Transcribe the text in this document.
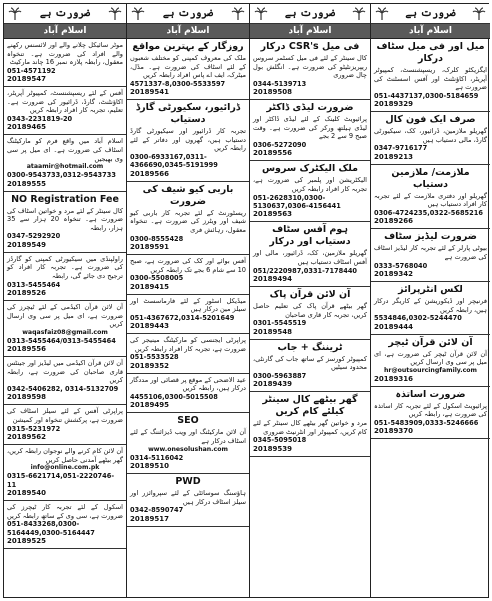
ضرورت ہے
اسلام آباد
موٹر سائیکل چلانے والے اور لائسنس رکھنے والے افراد کی ضرورت ہے۔ تنخواہ معقول، رابطہ پلازہ نمبر 16 چاند مارکیٹ
051-4571192
20189547
آفس کے لئے ریسپشنسٹ، کمپیوٹر آپریٹر، اکاؤنٹنٹ، گارڈ، ڈرائیور کی ضرورت ہے۔ تعلیم، تجربہ کار افراد رابطہ کریں
0343-2231819-20
20189465
اسلام آباد میں واقع فرم کو مارکیٹنگ اسٹاف کی ضرورت ہے۔ ای میل پر سی وی بھیجیں
ataamir@hotmail.com
0300-9543733,0312-9543733
20189555
NO Registration Fee
کال سینٹر کے لئے مرد و خواتین اسٹاف کی ضرورت ہے۔ تنخواہ 20 ہزار سے 35 ہزار، رابطہ
0347-5292920
20189549
راولپنڈی میں سیکیورٹی کمپنی کو گارڈز کی ضرورت ہے۔ تجربہ کار افراد کو ترجیح دی جائے گی، رابطہ
0313-5455464
20189526
آن لائن قرآن اکیڈمی کے لئے ٹیچرز کی ضرورت ہے، ای میل پر سی وی ارسال کریں
waqasfaiz08@gmail.com
0313-5455464/0313-5455464
20189556
آن لائن قرآن اکیڈمی میں لیڈیز اور جینٹس قاری صاحبان کی ضرورت ہے، رابطہ کریں
0342-5406282, 0314-5132709
20189598
پراپرٹی آفس کے لئے سیلز اسٹاف کی ضرورت ہے، پرکشش تنخواہ اور کمیشن
0315-5231972
20189562
آن لائن کام کرنے والے نوجوان رابطہ کریں، گھر بیٹھے آمدنی حاصل کریں
info@online.com.pk
0315-6621714,051-2220746-11
20189540
اسکول کے لئے تجربہ کار ٹیچرز کی ضرورت ہے، سی وی کے ساتھ رابطہ کریں
051-8433268,0300-5164449,0300-5164447
20189525
ضرورت ہے
اسلام آباد
روزگار کے بہترین مواقع
ملک کی معروف کمپنی کو مختلف شعبوں کے لئے اسٹاف کی ضرورت ہے۔ مڈل، میٹرک، ایف اے پاس افراد رابطہ کریں
4571337-8,0300-5533597
20189541
ڈرائیور، سکیورٹی گارڈ دستیاب
تجربہ کار ڈرائیور اور سیکیورٹی گارڈ دستیاب ہیں، گھروں اور دفاتر کے لئے رابطہ کریں
0300-6933167,0311-4366690,0345-5191999
20189566
باربی کیو شیف کی ضرورت
ریسٹورنٹ کے لئے تجربہ کار باربی کیو شیف اور ویٹرز کی ضرورت ہے۔ تنخواہ معقول، رہائش فری
0300-8555428
20189591
آفس بوائے اور کک کی ضرورت ہے، صبح 10 سے شام 6 بجے تک رابطہ کریں
0300-5508005
20189415
میڈیکل اسٹور کے لئے فارماسسٹ اور سیلز مین درکار ہیں
051-4367672,0314-5201649
20189443
پراپرٹی ایجنسی کو مارکیٹنگ مینیجر کی ضرورت ہے، تجربہ کار افراد رابطہ کریں
051-5533528
20189352
عید الاضحی کے موقع پر قصائی اور مددگار درکار ہیں، رابطہ کریں
4455106,0300-5015508
20189495
SEO
آن لائن مارکیٹنگ اور ویب ڈیزائننگ کے لئے اسٹاف درکار ہے
www.onesolushan.com
0314-5116042
20189510
PWD
ہاؤسنگ سوسائٹی کے لئے سپروائزر اور سیلز اسٹاف درکار ہیں
0342-8590747
20189517
ضرورت ہے
اسلام آباد
فی میل CSR's درکار
کال سینٹر کے لئے فی میل کسٹمر سروس ریپریزنٹیٹو کی ضرورت ہے۔ انگلش بول چال ضروری
0344-5139713
20189508
ضرورت لیڈی ڈاکٹر
پرائیویٹ کلینک کے لئے لیڈی ڈاکٹر اور لیڈی ہیلتھ ورکر کی ضرورت ہے۔ وقت صبح 9 سے 2 بجے
0306-5272090
20189556
ملک الیکٹرک سروس
الیکٹریشن اور پلمبر کی ضرورت ہے، تجربہ کار افراد رابطہ کریں
051-2628310,0300-5130637,0306-4156441
20189563
ہوم آفس سٹاف دستیاب اور درکار
گھریلو ملازمین، کک، ڈرائیور، مالی اور آفس اسٹاف دستیاب ہیں
051/2220987,0331-7178440
20189494
آن لائن قرآن پاک
گھر بیٹھے قرآن پاک کی تعلیم حاصل کریں، تجربہ کار قاری صاحبان
0301-5545519
20189548
ٹریننگ + جاب
کمپیوٹر کورسز کے ساتھ جاب کی گارنٹی، محدود سیٹیں
0300-5963887
20189439
گھر بیٹھے کال سینٹر کیلئے کام کریں
مرد و خواتین گھر بیٹھے کال سینٹر کے لئے کام کریں، کمپیوٹر اور انٹرنیٹ ضروری
0345-5095018
20189539
ضرورت ہے
اسلام آباد
میل اور فی میل سٹاف درکار
ایگزیکٹو کلرک، ریسپشنسٹ، کمپیوٹر آپریٹر، اکاؤنٹنٹ اور آفس اسسٹنٹ کی ضرورت ہے
051-4437137,0300-5184659
20189329
صرف ایک فون کال
گھریلو ملازمین، ڈرائیور، کک، سیکیورٹی گارڈ، مالی دستیاب ہیں
0347-9716177
20189213
ملازمت/ ملازمین دستیاب
گھریلو اور دفتری ملازمت کے لئے تجربہ کار افراد دستیاب ہیں
0306-4724235,0322-5685216
20189266
ضرورت لیڈیز سٹاف
بیوٹی پارلر کے لئے تجربہ کار لیڈیز اسٹاف کی ضرورت ہے
0333-5768040
20189342
لکس انٹرپرائز
فرنیچر اور ڈیکوریشن کے کاریگر درکار ہیں، رابطہ کریں
5534846,0302-5244470
20189444
آن لائن قرآن ٹیچر
آن لائن قرآن ٹیچر کی ضرورت ہے، ای میل پر سی وی ارسال کریں
hr@outsourcingfamily.com
20189316
ضرورت اساتذہ
پرائیویٹ اسکول کے لئے تجربہ کار اساتذہ کی ضرورت ہے، رابطہ کریں
051-5483909,0333-5246666
20189370
